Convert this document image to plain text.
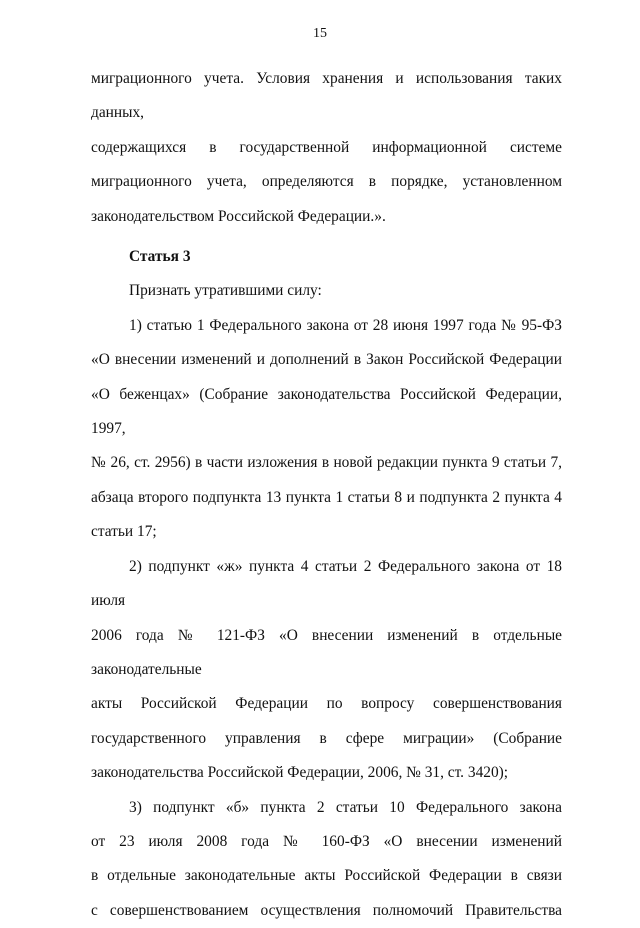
15

миграционного учета. Условия хранения и использования таких данных,

содержащихся в государственной информационной системе

миграционного учета, определяются в порядке, установленном

законодательством Российской Федерации.».

Статья 3

Признать утратившими силу:

1) статью 1 Федерального закона от 28 июня 1997 года № 95-ФЗ

«О внесении изменений и дополнений в Закон Российской Федерации

«О беженцах» (Собрание законодательства Российской Федерации, 1997,

№ 26, ст. 2956) в части изложения в новой редакции пункта 9 статьи 7,

абзаца второго подпункта 13 пункта 1 статьи 8 и подпункта 2 пункта 4

статьи 17;

2) подпункт «ж» пункта 4 статьи 2 Федерального закона от 18 июля

2006 года № 121-ФЗ «О внесении изменений в отдельные законодательные

акты Российской Федерации по вопросу совершенствования

государственного управления в сфере миграции» (Собрание

законодательства Российской Федерации, 2006, № 31, ст. 3420);

3) подпункт «б» пункта 2 статьи 10 Федерального закона

от 23 июля 2008 года № 160-ФЗ «О внесении изменений

в отдельные законодательные акты Российской Федерации в связи

с совершенствованием осуществления полномочий Правительства
